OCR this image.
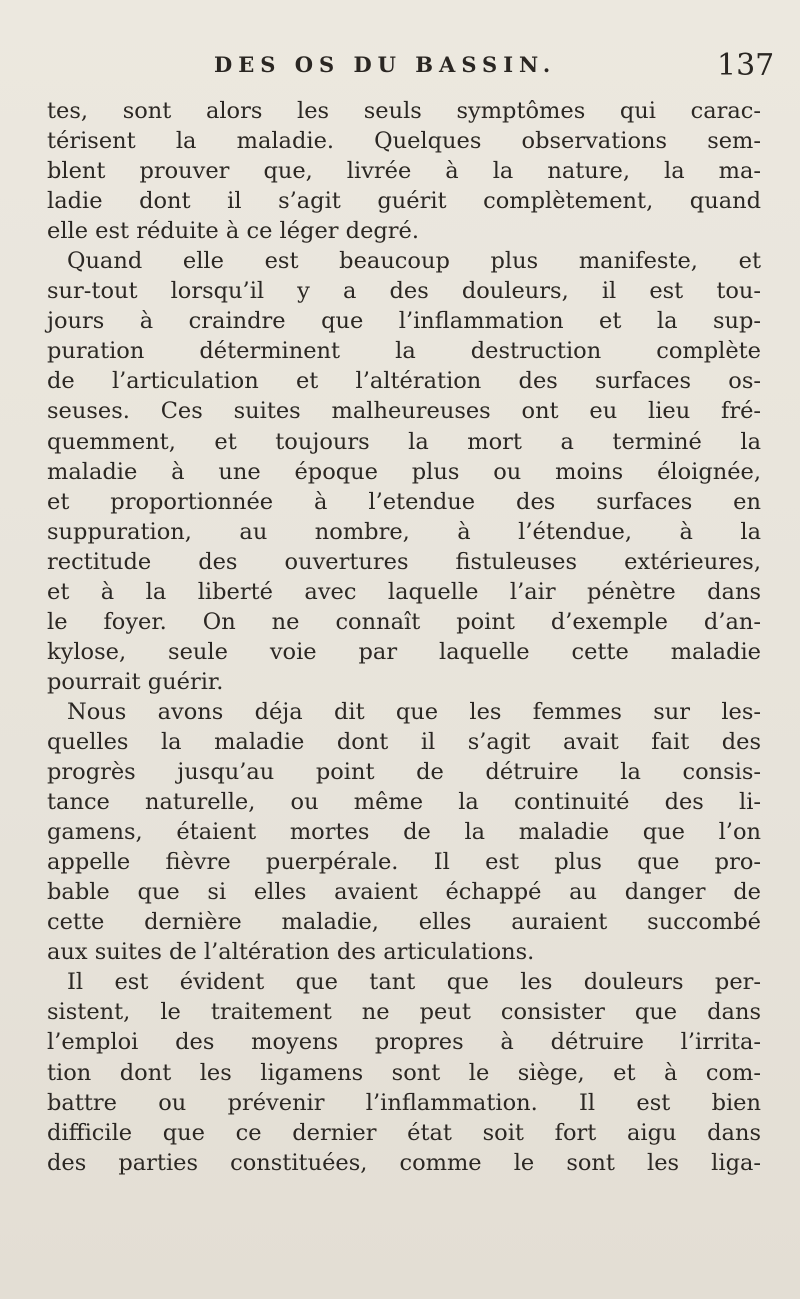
DES OS DU BASSIN.	137
tes, sont alors les seuls symptômes qui carac-
térisent la maladie. Quelques observations sem-
blent prouver que, livrée à la nature, la ma-
ladie dont il s’agit guérit complètement, quand
elle est réduite à ce léger degré.
Quand elle est beaucoup plus manifeste, et
sur-tout lorsqu’il y a des douleurs, il est tou-
jours à craindre que l’inflammation et la sup-
puration déterminent la destruction complète
de l’articulation et l’altération des surfaces os-
seuses. Ces suites malheureuses ont eu lieu fré-
quemment, et toujours la mort a terminé la
maladie à une époque plus ou moins éloignée,
et proportionnée à l’etendue des surfaces en
suppuration, au nombre, à l’étendue, à la
rectitude des ouvertures fistuleuses extérieures,
et à la liberté avec laquelle l’air pénètre dans
le foyer. On ne connaît point d’exemple d’an-
kylose, seule voie par laquelle cette maladie
pourrait guérir.
Nous avons déja dit que les femmes sur les-
quelles la maladie dont il s’agit avait fait des
progrès jusqu’au point de détruire la consis-
tance naturelle, ou même la continuité des li-
gamens, étaient mortes de la maladie que l’on
appelle fièvre puerpérale. Il est plus que pro-
bable que si elles avaient échappé au danger de
cette dernière maladie, elles auraient succombé
aux suites de l’altération des articulations.
Il est évident que tant que les douleurs per-
sistent, le traitement ne peut consister que dans
l’emploi des moyens propres à détruire l’irrita-
tion dont les ligamens sont le siège, et à com-
battre ou prévenir l’inflammation. Il est bien
difficile que ce dernier état soit fort aigu dans
des parties constituées, comme le sont les liga-
